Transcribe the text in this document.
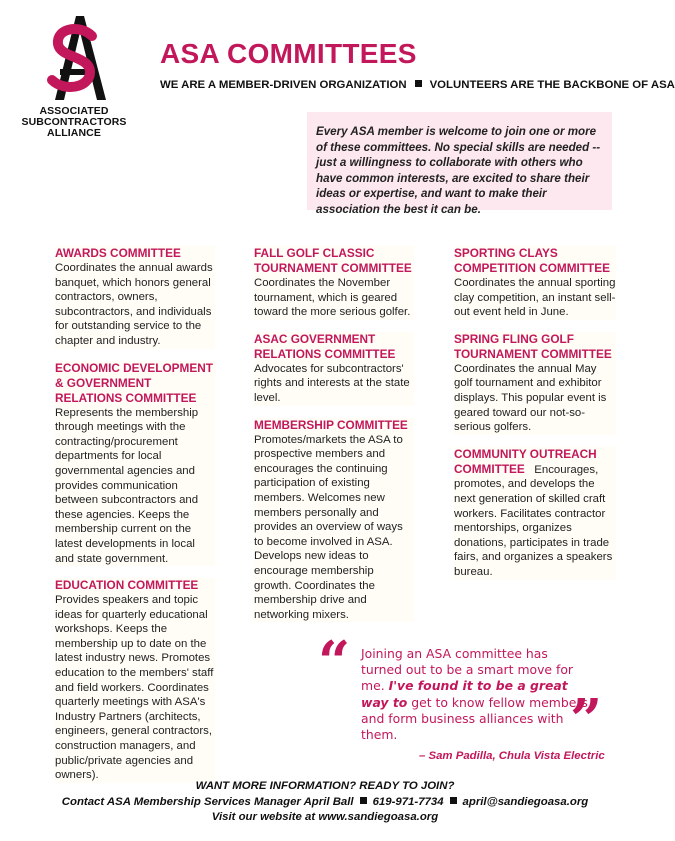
ASSOCIATED
SUBCONTRACTORS
ALLIANCE
ASA COMMITTEES
WE ARE A MEMBER-DRIVEN ORGANIZATION VOLUNTEERS ARE THE BACKBONE OF ASA
Every ASA member is welcome to join one or more of these committees. No special skills are needed -- just a willingness to collaborate with others who have common interests, are excited to share their ideas or expertise, and want to make their association the best it can be.
AWARDS COMMITTEE

Coordinates the annual awards banquet, which honors general contractors, owners, subcontractors, and individuals for outstanding service to the chapter and industry.

ECONOMIC DEVELOPMENT & GOVERNMENT RELATIONS COMMITTEE

Represents the membership through meetings with the contracting/procurement departments for local governmental agencies and provides communication between subcontractors and these agencies. Keeps the membership current on the latest developments in local and state government.

EDUCATION COMMITTEE

Provides speakers and topic ideas for quarterly educational workshops. Keeps the membership up to date on the latest industry news. Promotes education to the members' staff and field workers. Coordinates quarterly meetings with ASA's Industry Partners (architects, engineers, general contractors, construction managers, and public/private agencies and owners).

FALL GOLF CLASSIC TOURNAMENT COMMITTEE

Coordinates the November tournament, which is geared toward the more serious golfer.

ASAC GOVERNMENT RELATIONS COMMITTEE

Advocates for subcontractors' rights and interests at the state level.

MEMBERSHIP COMMITTEE

Promotes/markets the ASA to prospective members and encourages the continuing participation of existing members. Welcomes new members personally and provides an overview of ways to become involved in ASA. Develops new ideas to encourage membership growth. Coordinates the membership drive and networking mixers.

SPORTING CLAYS COMPETITION COMMITTEE

Coordinates the annual sporting clay competition, an instant sell-out event held in June.

SPRING FLING GOLF TOURNAMENT COMMITTEE

Coordinates the annual May golf tournament and exhibitor displays. This popular event is geared toward our not-so-serious golfers.

COMMUNITY OUTREACH

COMMITTEE Encourages, promotes, and develops the next generation of skilled craft workers. Facilitates contractor mentorships, organizes donations, participates in trade fairs, and organizes a speakers bureau.

“ Joining an ASA committee has turned out to be a smart move for me. I've found it to be a great way to get to know fellow members and form business alliances with them.	”
– Sam Padilla, Chula Vista Electric
WANT MORE INFORMATION? READY TO JOIN?
Contact ASA Membership Services Manager April Ball 619-971-7734 april@sandiegoasa.org
Visit our website at www.sandiegoasa.org
